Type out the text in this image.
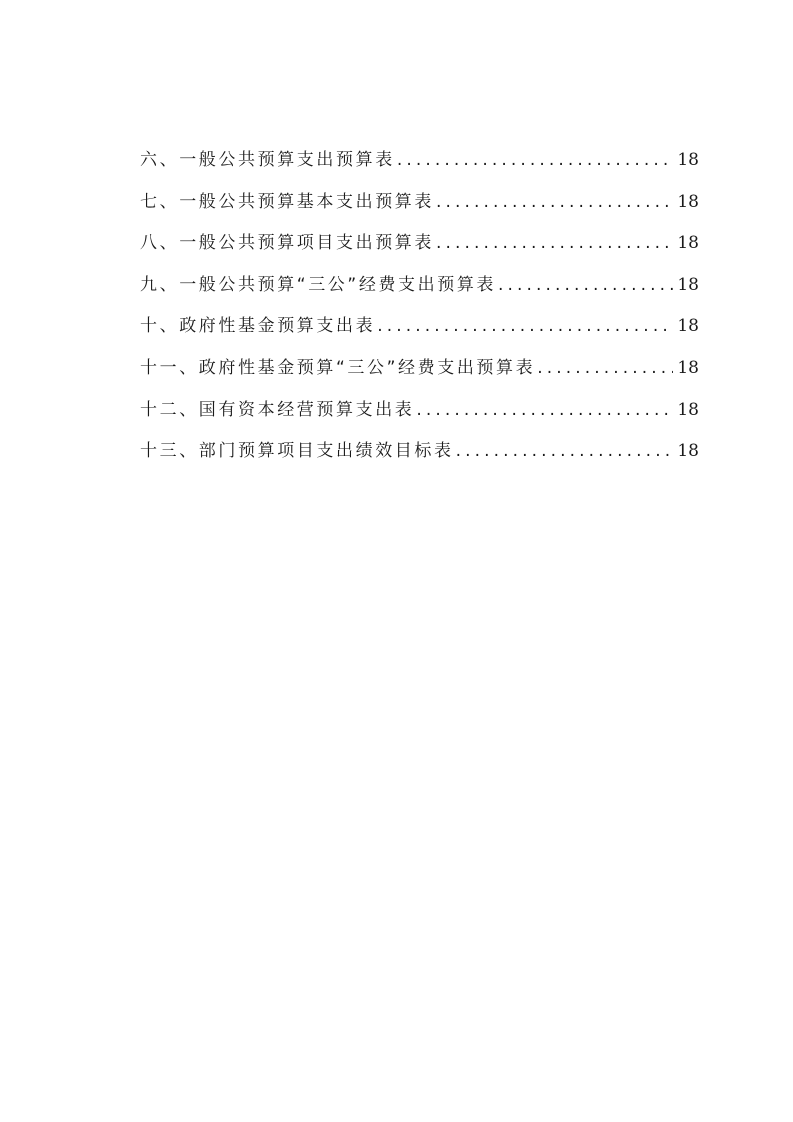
六、一般公共预算支出预算表 .....	18
七、一般公共预算基本支出预算表 .....	18
八、一般公共预算项目支出预算表 .....	18
九、一般公共预算“三公”经费支出预算表 .....	18
十、政府性基金预算支出表 .....	18
十一、政府性基金预算“三公”经费支出预算表 .....	18
十二、国有资本经营预算支出表 .....	18
十三、部门预算项目支出绩效目标表 .....	18
